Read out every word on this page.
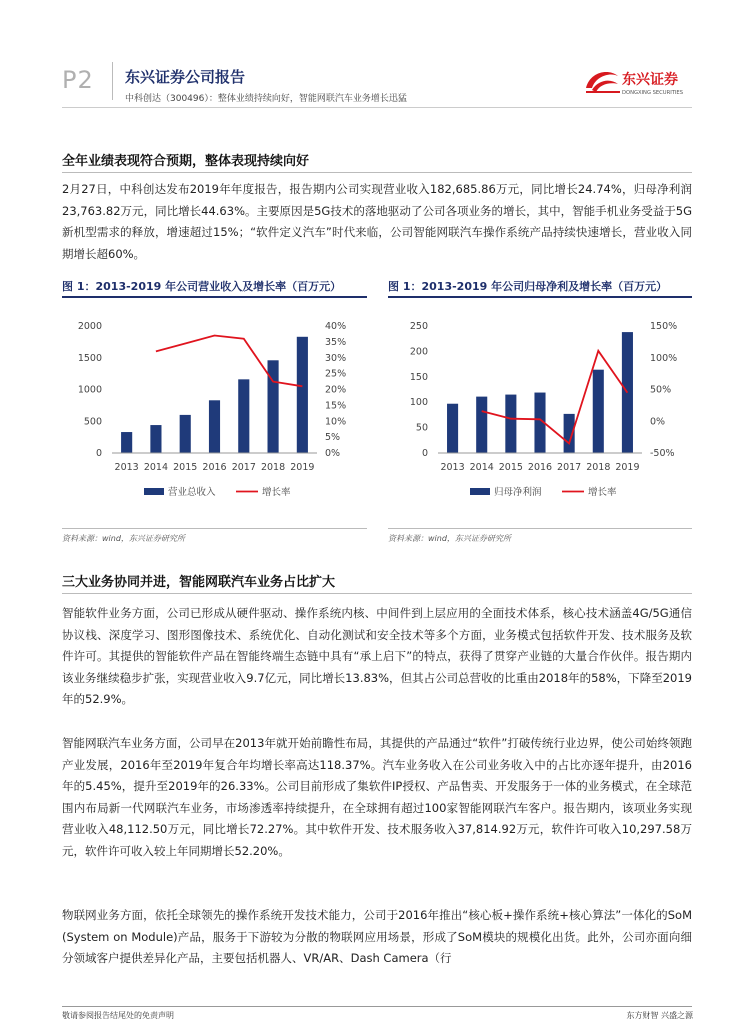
P2 东兴证券公司报告
中科创达（300496）：整体业绩持续向好，智能网联汽车业务增长迅猛
东兴证券
DONGXING SECURITIES
全年业绩表现符合预期，整体表现持续向好

2月27日，中科创达发布2019年年度报告，报告期内公司实现营业收入182,685.86万元，同比增长24.74%，归母净利润23,763.82万元，同比增长44.63%。主要原因是5G技术的落地驱动了公司各项业务的增长，其中，智能手机业务受益于5G新机型需求的释放，增速超过15%；“软件定义汽车”时代来临，公司智能网联汽车操作系统产品持续快速增长，营业收入同期增长超60%。

图 1：2013-2019 年公司营业收入及增长率（百万元）	图 1：2013-2019 年公司归母净利及增长率（百万元）
0
500
1000
1500
2000
0%
5%
10%
15%
20%
25%
30%
35%
40%
2013 2014 2015 2016 2017 2018 2019
营业总收入	增长率
0
50
100
150
200
250
-50%
0%
50%
100%
150%
2013 2014 2015 2016 2017 2018 2019
归母净利润	增长率
资料来源：wind，东兴证券研究所	资料来源：wind，东兴证券研究所
三大业务协同并进，智能网联汽车业务占比扩大

智能软件业务方面，公司已形成从硬件驱动、操作系统内核、中间件到上层应用的全面技术体系，核心技术涵盖4G/5G通信协议栈、深度学习、图形图像技术、系统优化、自动化测试和安全技术等多个方面，业务模式包括软件开发、技术服务及软件许可。其提供的智能软件产品在智能终端生态链中具有“承上启下”的特点，获得了贯穿产业链的大量合作伙伴。报告期内该业务继续稳步扩张，实现营业收入9.7亿元，同比增长13.83%，但其占公司总营收的比重由2018年的58%，下降至2019年的52.9%。

智能网联汽车业务方面，公司早在2013年就开始前瞻性布局，其提供的产品通过“软件”打破传统行业边界，使公司始终领跑产业发展，2016年至2019年复合年均增长率高达118.37%。汽车业务收入在公司业务收入中的占比亦逐年提升，由2016年的5.45%，提升至2019年的26.33%。公司目前形成了集软件IP授权、产品售卖、开发服务于一体的业务模式，在全球范围内布局新一代网联汽车业务，市场渗透率持续提升，在全球拥有超过100家智能网联汽车客户。报告期内，该项业务实现营业收入48,112.50万元，同比增长72.27%。其中软件开发、技术服务收入37,814.92万元，软件许可收入10,297.58万元，软件许可收入较上年同期增长52.20%。

物联网业务方面，依托全球领先的操作系统开发技术能力，公司于2016年推出“核心板+操作系统+核心算法”一体化的SoM (System on Module)产品，服务于下游较为分散的物联网应用场景，形成了SoM模块的规模化出货。此外，公司亦面向细分领域客户提供差异化产品，主要包括机器人、VR/AR、Dash Camera（行

敬请参阅报告结尾处的免责声明	东方财智 兴盛之源
